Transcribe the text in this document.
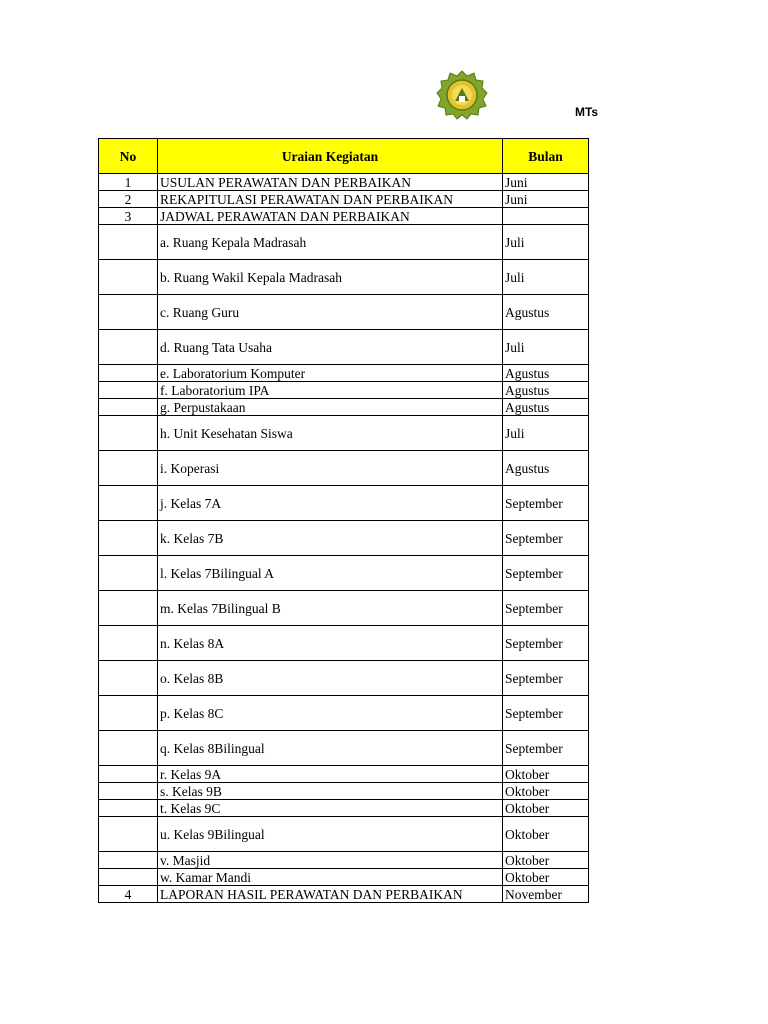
MTs
No	Uraian Kegiatan	Bulan
1	USULAN PERAWATAN DAN PERBAIKAN	Juni
2	REKAPITULASI PERAWATAN DAN PERBAIKAN	Juni
3	JADWAL PERAWATAN DAN PERBAIKAN	
	a. Ruang Kepala Madrasah	Juli
	b. Ruang Wakil Kepala Madrasah	Juli
	c. Ruang Guru	Agustus
	d. Ruang Tata Usaha	Juli
	e. Laboratorium Komputer	Agustus
	f. Laboratorium IPA	Agustus
	g. Perpustakaan	Agustus
	h. Unit Kesehatan Siswa	Juli
	i. Koperasi	Agustus
	j. Kelas 7A	September
	k. Kelas 7B	September
	l. Kelas 7Bilingual A	September
	m. Kelas 7Bilingual B	September
	n. Kelas 8A	September
	o. Kelas 8B	September
	p. Kelas 8C	September
	q. Kelas 8Bilingual	September
	r. Kelas 9A	Oktober
	s. Kelas 9B	Oktober
	t. Kelas 9C	Oktober
	u. Kelas 9Bilingual	Oktober
	v. Masjid	Oktober
	w. Kamar Mandi	Oktober
4	LAPORAN HASIL PERAWATAN DAN PERBAIKAN	November
